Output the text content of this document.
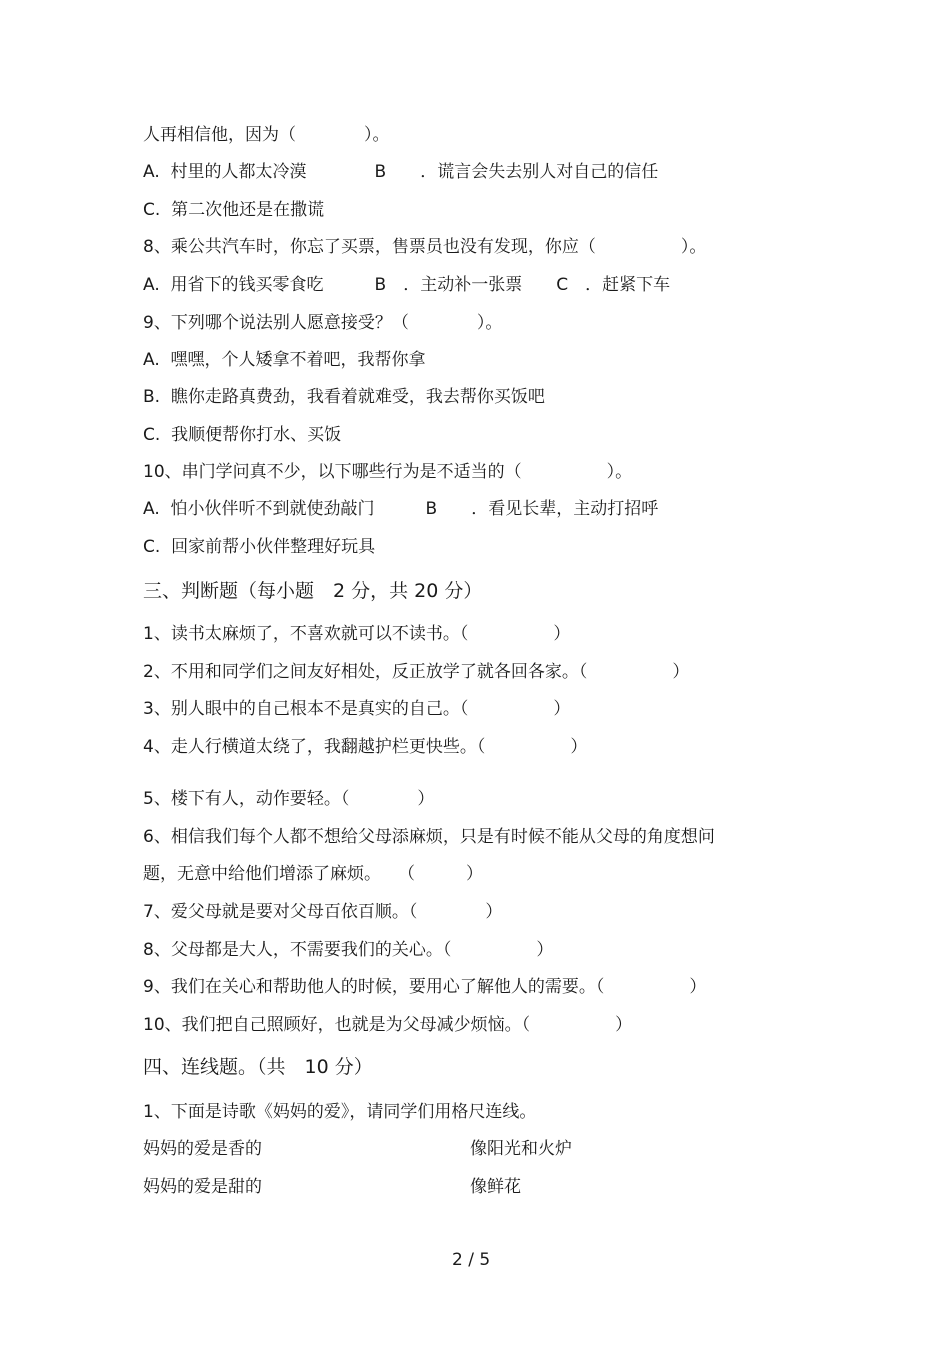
人再相信他，因为（　　　　）。
A.  村里的人都太冷漠　　　　B　　．谎言会失去别人对自己的信任
C.  第二次他还是在撒谎
8、乘公共汽车时，你忘了买票，售票员也没有发现，你应（　　　　　）。
A.  用省下的钱买零食吃　　　B　．主动补一张票　　C　．赶紧下车
9、下列哪个说法别人愿意接受？（　　　　）。
A.  嘿嘿，个人矮拿不着吧，我帮你拿
B.  瞧你走路真费劲，我看着就难受，我去帮你买饭吧
C.  我顺便帮你打水、买饭
10、串门学问真不少，以下哪些行为是不适当的（　　　　　）。
A.  怕小伙伴听不到就使劲敲门　　　B　　．看见长辈，主动打招呼
C.  回家前帮小伙伴整理好玩具
三、判断题（每小题　2 分，共 20 分）
1、读书太麻烦了，不喜欢就可以不读书。（　　　　　）
2、不用和同学们之间友好相处，反正放学了就各回各家。（　　　　　）
3、别人眼中的自己根本不是真实的自己。（　　　　　）
4、走人行横道太绕了，我翻越护栏更快些。（　　　　　）
5、楼下有人，动作要轻。（　　　　）
6、相信我们每个人都不想给父母添麻烦，只是有时候不能从父母的角度想问
题，无意中给他们增添了麻烦。　　（　　　）
7、爱父母就是要对父母百依百顺。（　　　　）
8、父母都是大人，不需要我们的关心。（　　　　　）
9、我们在关心和帮助他人的时候，要用心了解他人的需要。（　　　　　）
10、我们把自己照顾好，也就是为父母减少烦恼。（　　　　　）
四、连线题。（共　10 分）
1、下面是诗歌《妈妈的爱》，请同学们用格尺连线。
妈妈的爱是香的	像阳光和火炉
妈妈的爱是甜的	像鲜花
2 / 5
